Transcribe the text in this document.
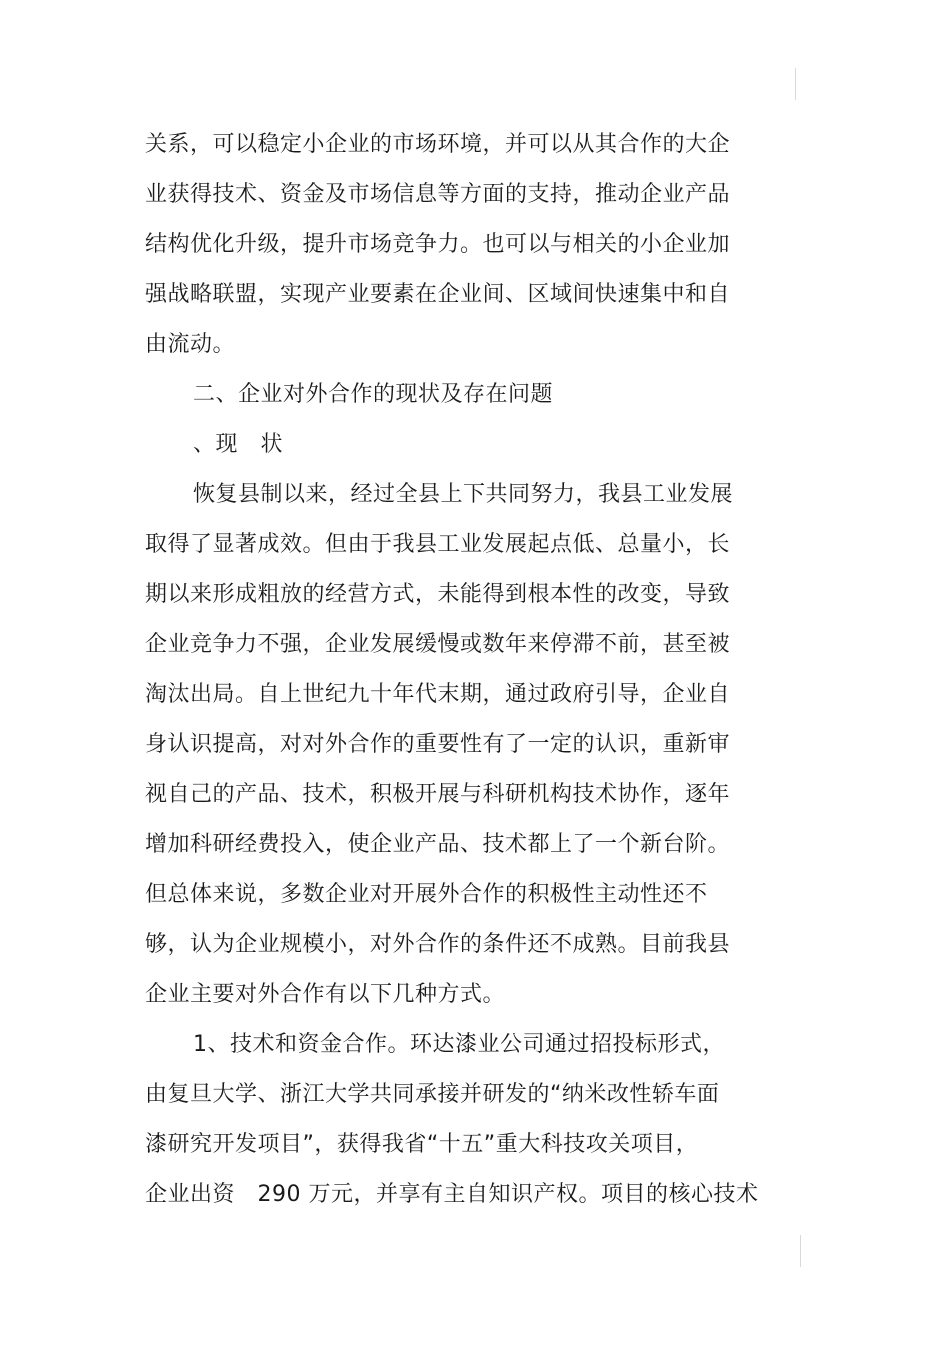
关系，可以稳定小企业的市场环境，并可以从其合作的大企
业获得技术、资金及市场信息等方面的支持，推动企业产品
结构优化升级，提升市场竞争力。也可以与相关的小企业加
强战略联盟，实现产业要素在企业间、区域间快速集中和自
由流动。
二、企业对外合作的现状及存在问题
、现　状
恢复县制以来，经过全县上下共同努力，我县工业发展
取得了显著成效。但由于我县工业发展起点低、总量小，长
期以来形成粗放的经营方式，未能得到根本性的改变，导致
企业竞争力不强，企业发展缓慢或数年来停滞不前，甚至被
淘汰出局。自上世纪九十年代末期，通过政府引导，企业自
身认识提高，对对外合作的重要性有了一定的认识，重新审
视自己的产品、技术，积极开展与科研机构技术协作，逐年
增加科研经费投入，使企业产品、技术都上了一个新台阶。
但总体来说，多数企业对开展外合作的积极性主动性还不
够，认为企业规模小，对外合作的条件还不成熟。目前我县
企业主要对外合作有以下几种方式。
1、技术和资金合作。环达漆业公司通过招投标形式，
由复旦大学、浙江大学共同承接并研发的“纳米改性轿车面
漆研究开发项目”，获得我省“十五”重大科技攻关项目，
企业出资　290 万元，并享有主自知识产权。项目的核心技术
